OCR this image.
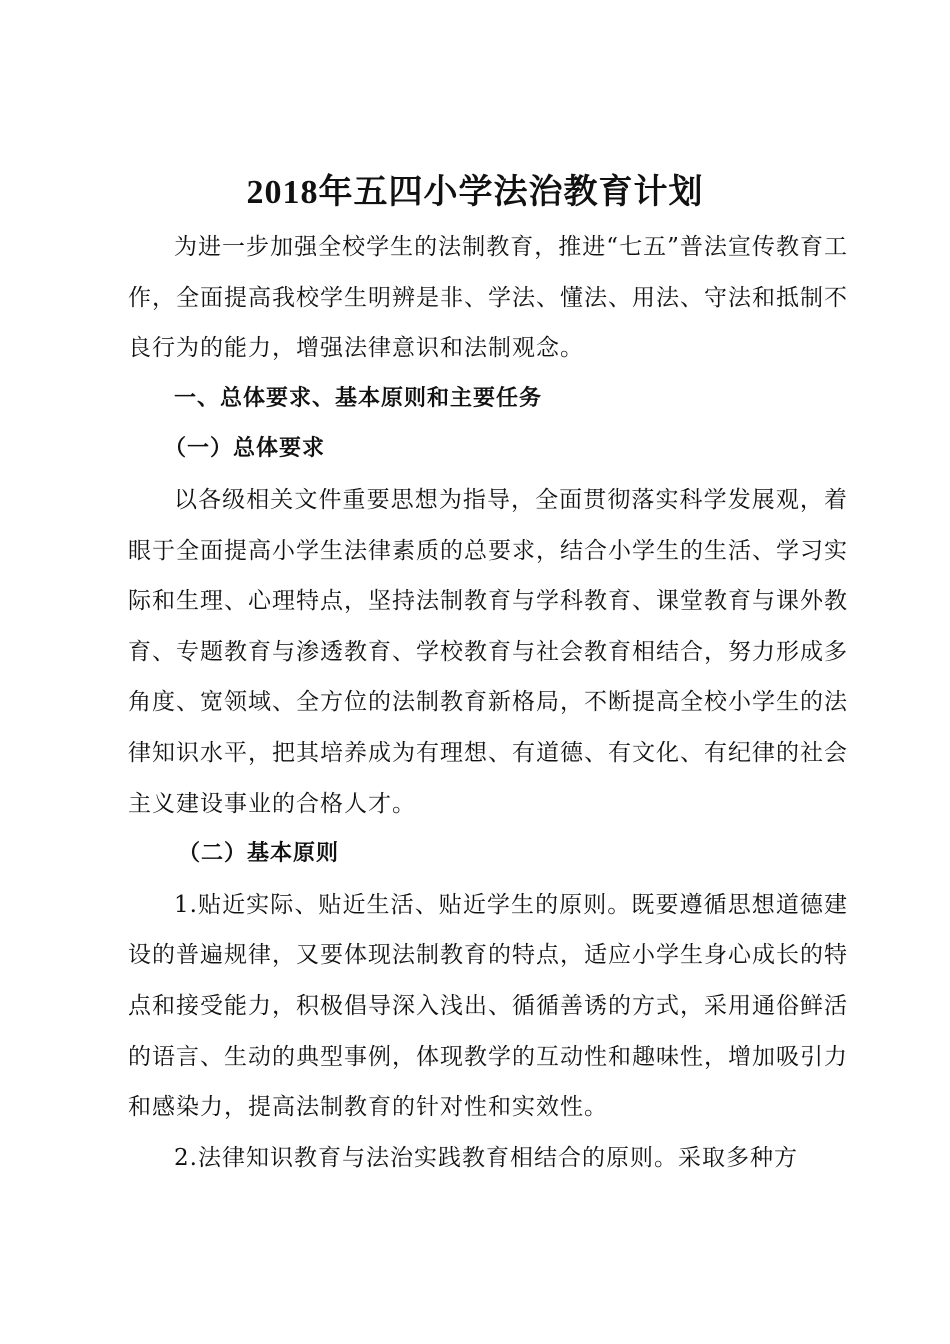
2018年五四小学法治教育计划

为进一步加强全校学生的法制教育，推进“七五”普法宣传教育工作，全面提高我校学生明辨是非、学法、懂法、用法、守法和抵制不良行为的能力，增强法律意识和法制观念。

一、总体要求、基本原则和主要任务

（一）总体要求

以各级相关文件重要思想为指导，全面贯彻落实科学发展观，着眼于全面提高小学生法律素质的总要求，结合小学生的生活、学习实际和生理、心理特点，坚持法制教育与学科教育、课堂教育与课外教育、专题教育与渗透教育、学校教育与社会教育相结合，努力形成多角度、宽领域、全方位的法制教育新格局，不断提高全校小学生的法律知识水平，把其培养成为有理想、有道德、有文化、有纪律的社会主义建设事业的合格人才。

（二）基本原则

1.贴近实际、贴近生活、贴近学生的原则。既要遵循思想道德建设的普遍规律，又要体现法制教育的特点，适应小学生身心成长的特点和接受能力，积极倡导深入浅出、循循善诱的方式，采用通俗鲜活的语言、生动的典型事例，体现教学的互动性和趣味性，增加吸引力和感染力，提高法制教育的针对性和实效性。

2.法律知识教育与法治实践教育相结合的原则。采取多种方
